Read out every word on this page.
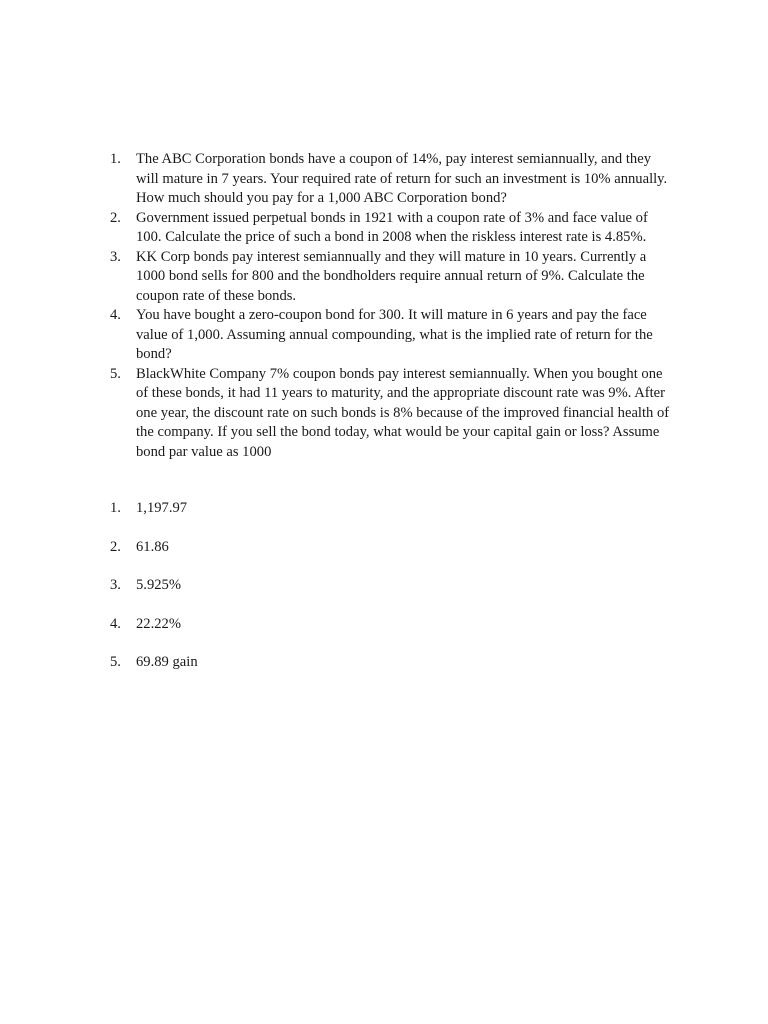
1.	The ABC Corporation bonds have a coupon of 14%, pay interest semiannually, and they will mature in 7 years. Your required rate of return for such an investment is 10% annually. How much should you pay for a 1,000 ABC Corporation bond?
2.	Government issued perpetual bonds in 1921 with a coupon rate of 3% and face value of 100. Calculate the price of such a bond in 2008 when the riskless interest rate is 4.85%.
3.	KK Corp bonds pay interest semiannually and they will mature in 10 years. Currently a 1000 bond sells for 800 and the bondholders require annual return of 9%. Calculate the coupon rate of these bonds.
4.	You have bought a zero-coupon bond for 300. It will mature in 6 years and pay the face value of 1,000. Assuming annual compounding, what is the implied rate of return for the bond?
5.	BlackWhite Company 7% coupon bonds pay interest semiannually. When you bought one of these bonds, it had 11 years to maturity, and the appropriate discount rate was 9%. After one year, the discount rate on such bonds is 8% because of the improved financial health of the company. If you sell the bond today, what would be your capital gain or loss? Assume bond par value as 1000
1.	1,197.97
2.	61.86
3.	5.925%
4.	22.22%
5.	69.89 gain
